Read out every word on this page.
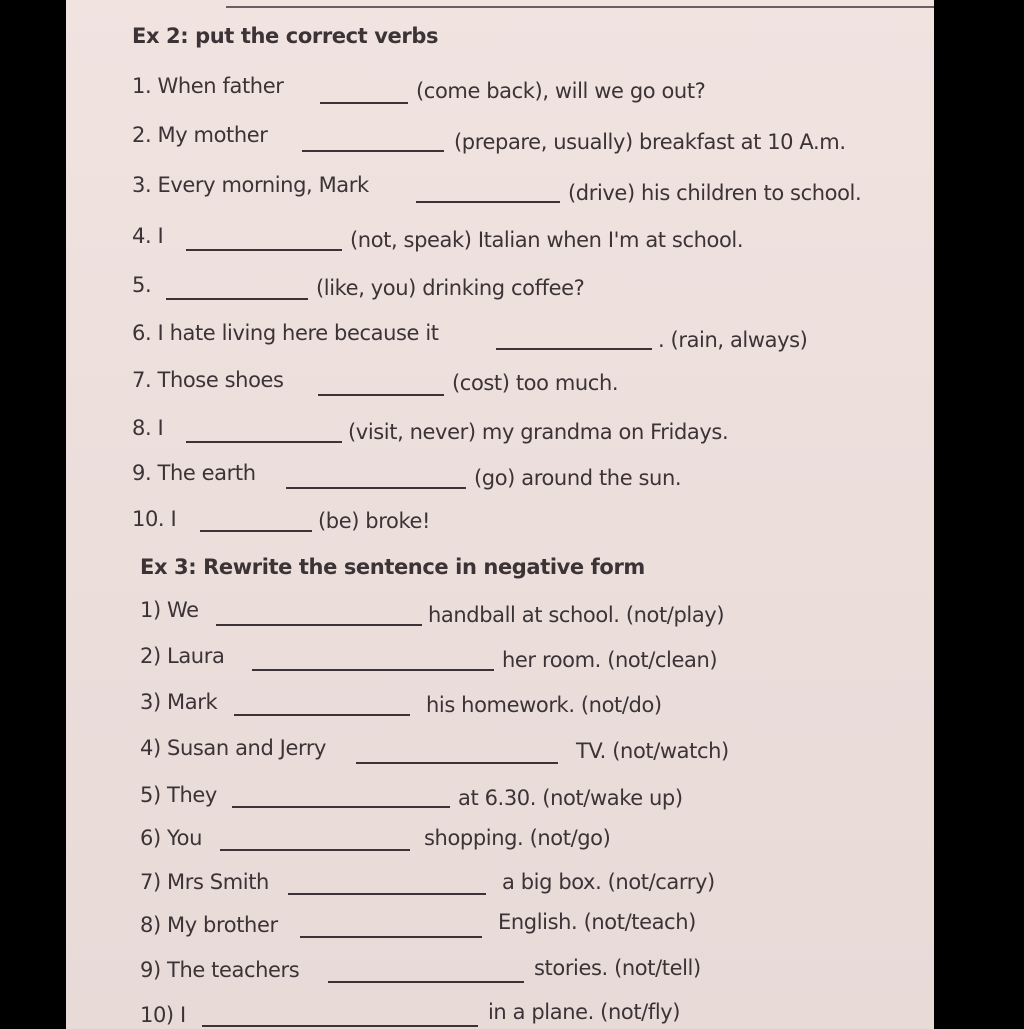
Ex 2: put the correct verbs
1. When father	(come back), will we go out?
2. My mother	(prepare, usually) breakfast at 10 A.m.
3. Every morning, Mark	(drive) his children to school.
4. I	(not, speak) Italian when I'm at school.
5.	(like, you) drinking coffee?
6. I hate living here because it	. (rain, always)
7. Those shoes	(cost) too much.
8. I	(visit, never) my grandma on Fridays.
9. The earth	(go) around the sun.
10. I	(be) broke!
Ex 3: Rewrite the sentence in negative form
1) We	handball at school. (not/play)
2) Laura	her room. (not/clean)
3) Mark	his homework. (not/do)
4) Susan and Jerry	TV. (not/watch)
5) They	at 6.30. (not/wake up)
6) You	shopping. (not/go)
7) Mrs Smith	a big box. (not/carry)
8) My brother	English. (not/teach)
9) The teachers	stories. (not/tell)
10) I	in a plane. (not/fly)
